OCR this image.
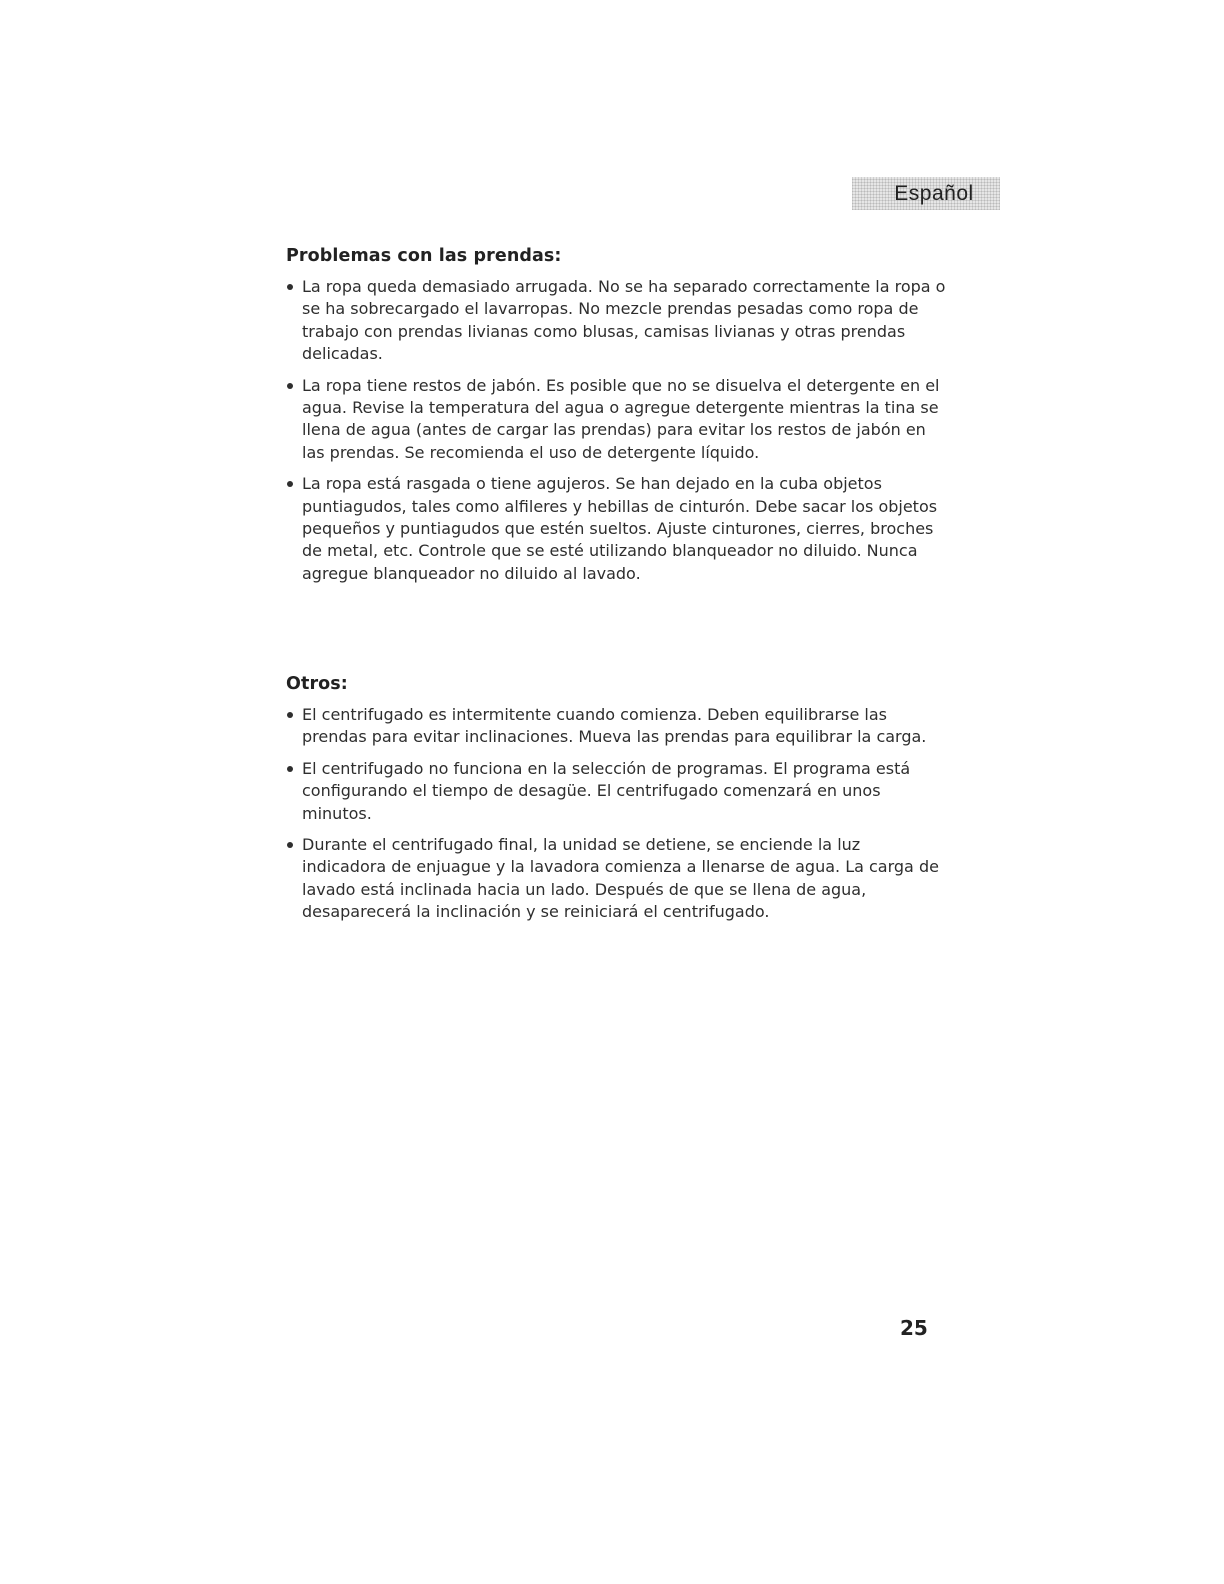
Español
Problemas con las prendas:
La ropa queda demasiado arrugada. No se ha separado correctamente la ropa o se ha sobrecargado el lavarropas. No mezcle prendas pesadas como ropa de trabajo con prendas livianas como blusas, camisas livianas y otras prendas delicadas.
La ropa tiene restos de jabón. Es posible que no se disuelva el detergente en el agua. Revise la temperatura del agua o agregue detergente mientras la tina se llena de agua (antes de cargar las prendas) para evitar los restos de jabón en las prendas. Se recomienda el uso de detergente líquido.
La ropa está rasgada o tiene agujeros. Se han dejado en la cuba objetos puntiagudos, tales como alfileres y hebillas de cinturón. Debe sacar los objetos pequeños y puntiagudos que estén sueltos. Ajuste cinturones, cierres, broches de metal, etc. Controle que se esté utilizando blanqueador no diluido. Nunca agregue blanqueador no diluido al lavado.
Otros:
El centrifugado es intermitente cuando comienza. Deben equilibrarse las prendas para evitar inclinaciones. Mueva las prendas para equilibrar la carga.
El centrifugado no funciona en la selección de programas. El programa está configurando el tiempo de desagüe. El centrifugado comenzará en unos minutos.
Durante el centrifugado final, la unidad se detiene, se enciende la luz indicadora de enjuague y la lavadora comienza a llenarse de agua. La carga de lavado está inclinada hacia un lado. Después de que se llena de agua, desaparecerá la inclinación y se reiniciará el centrifugado.
25
